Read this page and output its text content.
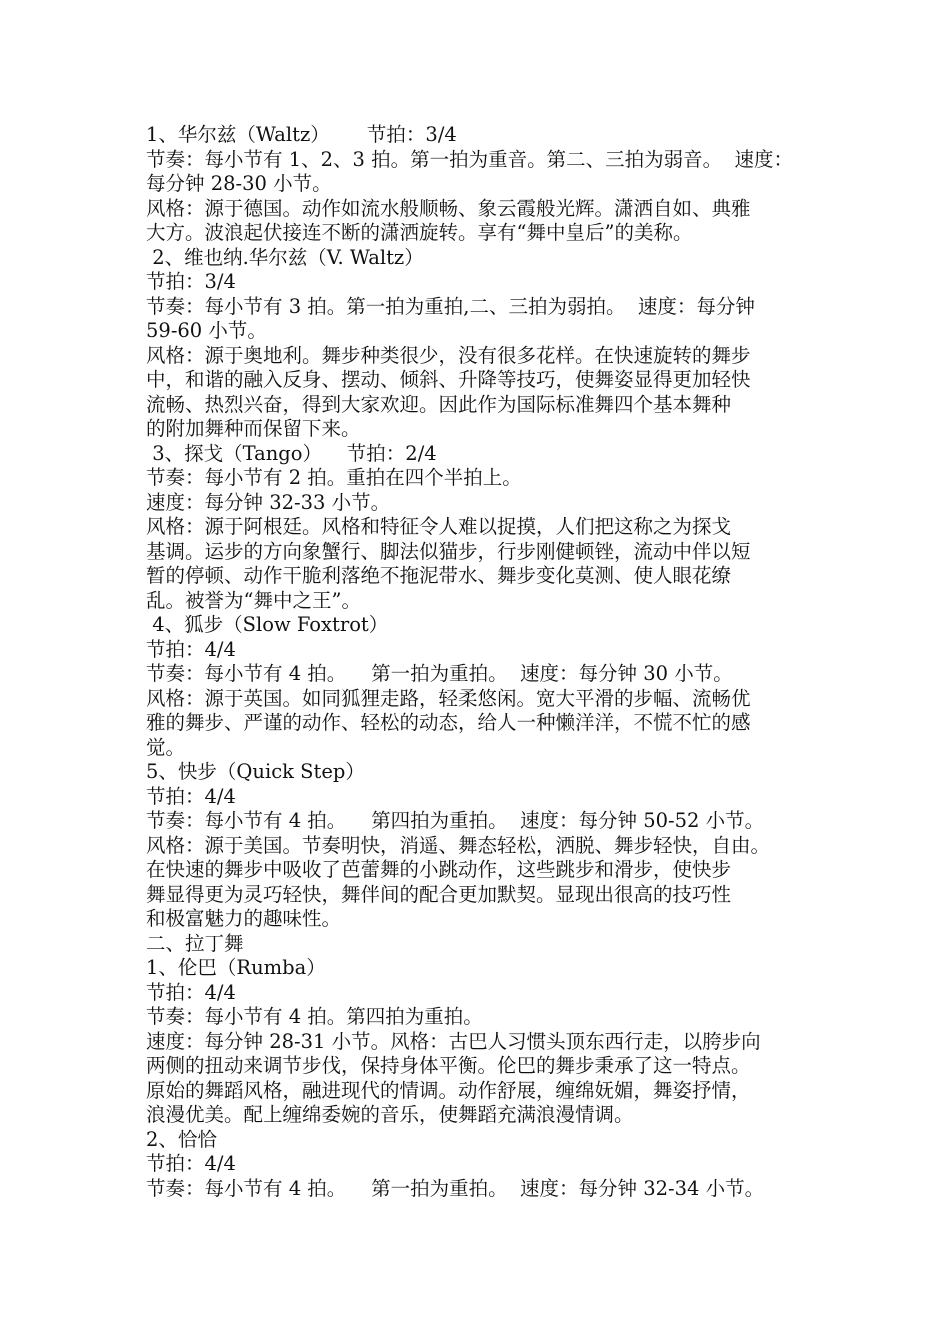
1、华尔兹（Waltz）      节拍：3/4
节奏：每小节有 1、2、3 拍。第一拍为重音。第二、三拍为弱音。  速度：
每分钟 28-30 小节。
风格：源于德国。动作如流水般顺畅、象云霞般光辉。潇洒自如、典雅
大方。波浪起伏接连不断的潇洒旋转。享有“舞中皇后”的美称。
2、维也纳.华尔兹（V. Waltz）
节拍：3/4
节奏：每小节有 3 拍。第一拍为重拍,二、三拍为弱拍。  速度：每分钟
59-60 小节。
风格：源于奥地利。舞步种类很少，没有很多花样。在快速旋转的舞步
中，和谐的融入反身、摆动、倾斜、升降等技巧，使舞姿显得更加轻快
流畅、热烈兴奋，得到大家欢迎。因此作为国际标准舞四个基本舞种
的附加舞种而保留下来。
3、探戈（Tango）    节拍：2/4
节奏：每小节有 2 拍。重拍在四个半拍上。
速度：每分钟 32-33 小节。
风格：源于阿根廷。风格和特征令人难以捉摸，人们把这称之为探戈
基调。运步的方向象蟹行、脚法似猫步，行步刚健顿锉，流动中伴以短
暂的停顿、动作干脆利落绝不拖泥带水、舞步变化莫测、使人眼花缭
乱。被誉为“舞中之王”。
4、狐步（Slow Foxtrot）
节拍：4/4
节奏：每小节有 4 拍。    第一拍为重拍。  速度：每分钟 30 小节。
风格：源于英国。如同狐狸走路，轻柔悠闲。宽大平滑的步幅、流畅优
雅的舞步、严谨的动作、轻松的动态，给人一种懒洋洋，不慌不忙的感
觉。
5、快步（Quick Step）
节拍：4/4
节奏：每小节有 4 拍。    第四拍为重拍。  速度：每分钟 50-52 小节。
风格：源于美国。节奏明快，消遥、舞态轻松，洒脱、舞步轻快，自由。
在快速的舞步中吸收了芭蕾舞的小跳动作，这些跳步和滑步，使快步
舞显得更为灵巧轻快，舞伴间的配合更加默契。显现出很高的技巧性
和极富魅力的趣味性。
二、拉丁舞
1、伦巴（Rumba）
节拍：4/4
节奏：每小节有 4 拍。第四拍为重拍。
速度：每分钟 28-31 小节。风格：古巴人习惯头顶东西行走，以胯步向
两侧的扭动来调节步伐，保持身体平衡。伦巴的舞步秉承了这一特点。
原始的舞蹈风格，融进现代的情调。动作舒展，缠绵妩媚，舞姿抒情，
浪漫优美。配上缠绵委婉的音乐，使舞蹈充满浪漫情调。
2、恰恰
节拍：4/4
节奏：每小节有 4 拍。    第一拍为重拍。  速度：每分钟 32-34 小节。
